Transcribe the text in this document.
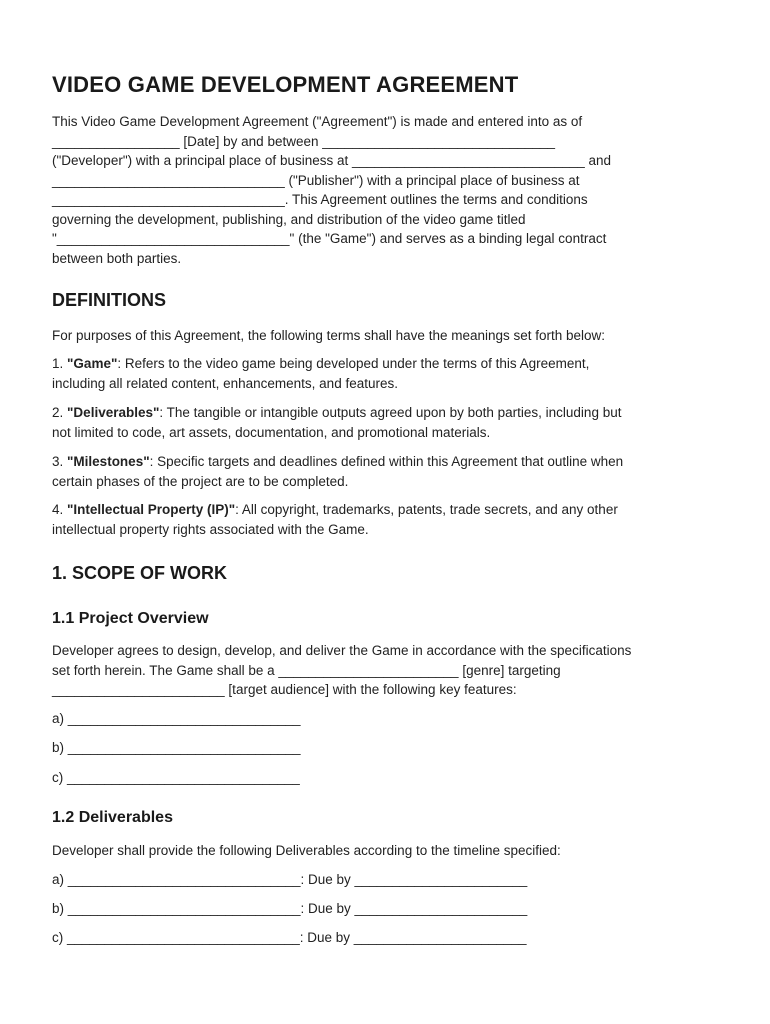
VIDEO GAME DEVELOPMENT AGREEMENT
This Video Game Development Agreement ("Agreement") is made and entered into as of
_________________ [Date] by and between _______________________________
("Developer") with a principal place of business at _______________________________ and
_______________________________ ("Publisher") with a principal place of business at
_______________________________. This Agreement outlines the terms and conditions
governing the development, publishing, and distribution of the video game titled
"_______________________________" (the "Game") and serves as a binding legal contract
between both parties.
DEFINITIONS
For purposes of this Agreement, the following terms shall have the meanings set forth below:
1. "Game": Refers to the video game being developed under the terms of this Agreement,
including all related content, enhancements, and features.
2. "Deliverables": The tangible or intangible outputs agreed upon by both parties, including but
not limited to code, art assets, documentation, and promotional materials.
3. "Milestones": Specific targets and deadlines defined within this Agreement that outline when
certain phases of the project are to be completed.
4. "Intellectual Property (IP)": All copyright, trademarks, patents, trade secrets, and any other
intellectual property rights associated with the Game.
1. SCOPE OF WORK
1.1 Project Overview
Developer agrees to design, develop, and deliver the Game in accordance with the specifications
set forth herein. The Game shall be a ________________________ [genre] targeting
_______________________ [target audience] with the following key features:
a) _______________________________
b) _______________________________
c) _______________________________
1.2 Deliverables
Developer shall provide the following Deliverables according to the timeline specified:
a) _______________________________: Due by _______________________
b) _______________________________: Due by _______________________
c) _______________________________: Due by _______________________
